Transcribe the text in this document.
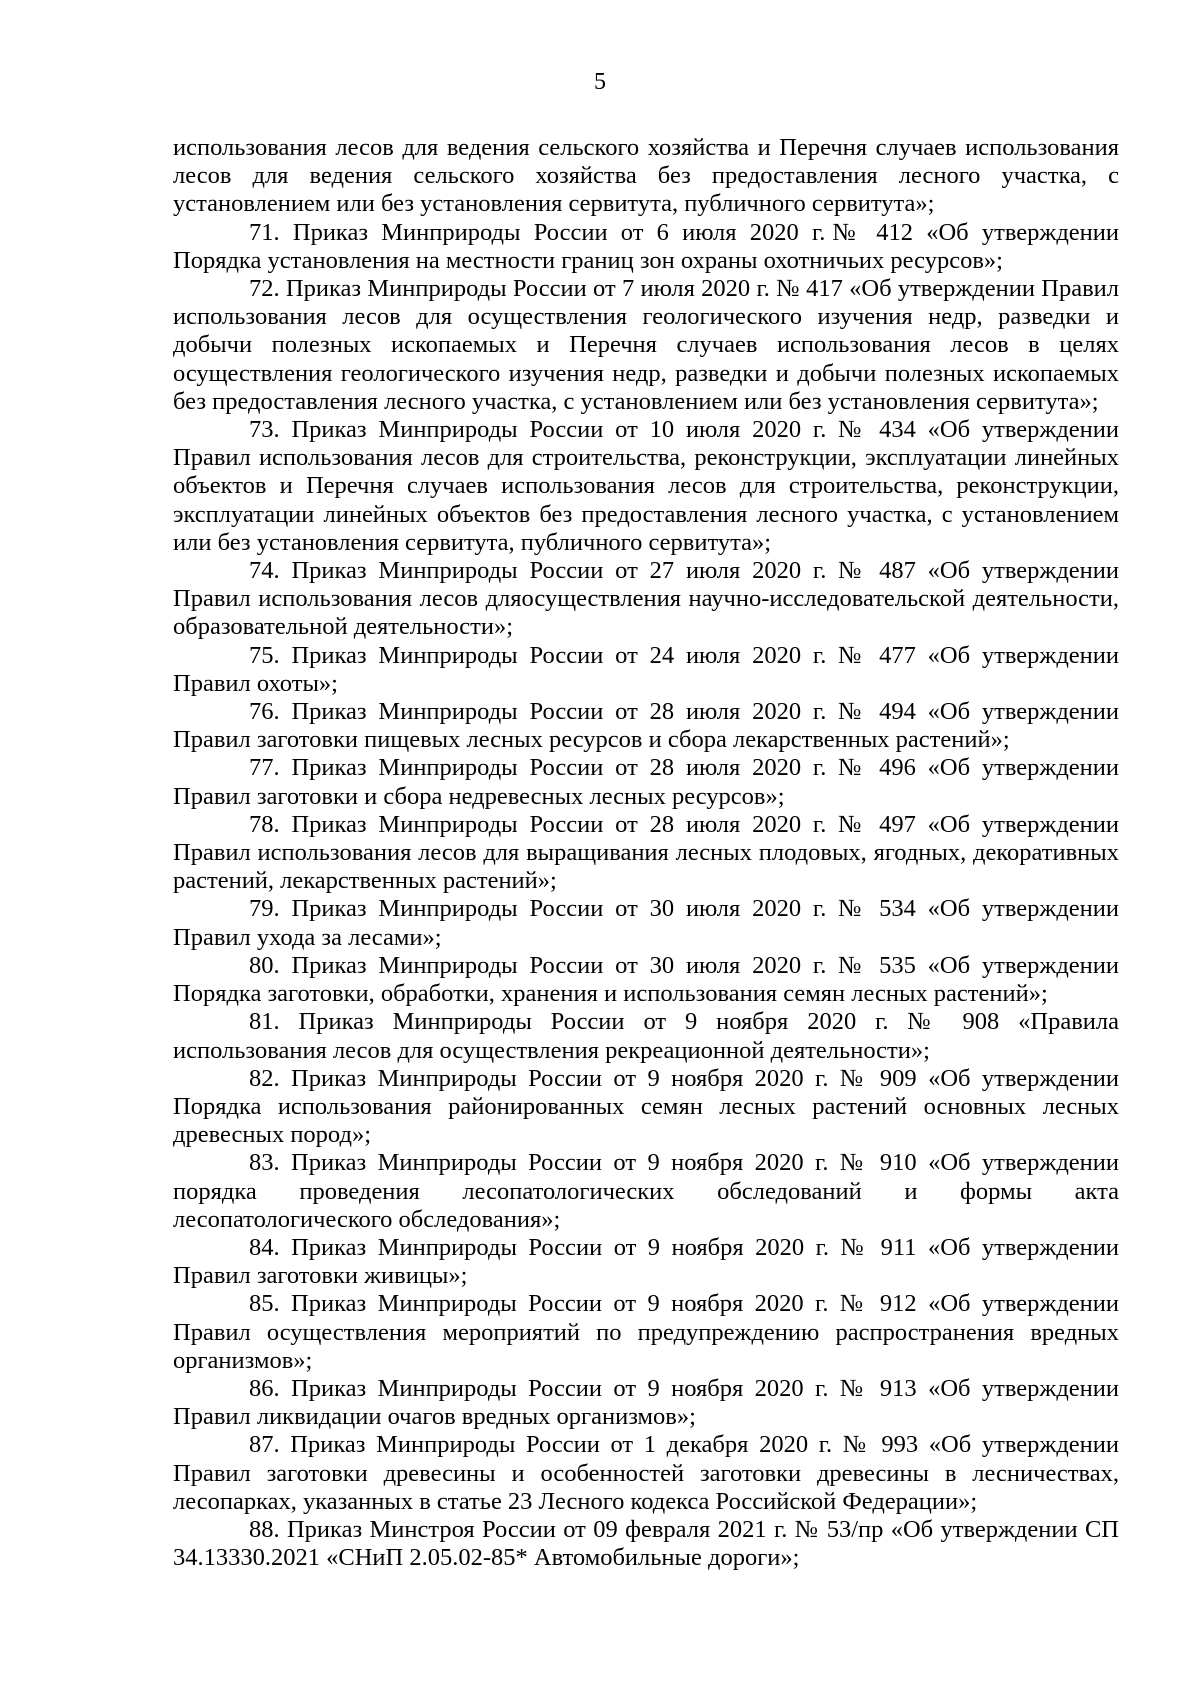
5

использования лесов для ведения сельского хозяйства и Перечня случаев использования лесов для ведения сельского хозяйства без предоставления лесного участка, с установлением или без установления сервитута, публичного сервитута»;

71. Приказ Минприроды России от 6 июля 2020 г.№ 412 «Об утверждении Порядка установления на местности границ зон охраны охотничьих ресурсов»;

72. Приказ Минприроды России от 7 июля 2020 г. № 417 «Об утверждении Правил использования лесов для осуществления геологического изучения недр, разведки и добычи полезных ископаемых и Перечня случаев использования лесов в целях осуществления геологического изучения недр, разведки и добычи полезных ископаемых без предоставления лесного участка, с установлением или без установления сервитута»;

73. Приказ Минприроды России от 10 июля 2020 г. № 434 «Об утверждении Правил использования лесов для строительства, реконструкции, эксплуатации линейных объектов и Перечня случаев использования лесов для строительства, реконструкции, эксплуатации линейных объектов без предоставления лесного участка, с установлением или без установления сервитута, публичного сервитута»;

74. Приказ Минприроды России от 27 июля 2020 г. № 487 «Об утверждении Правил использования лесов дляосуществления научно-исследовательской деятельности, образовательной деятельности»;

75. Приказ Минприроды России от 24 июля 2020 г. № 477 «Об утверждении Правил охоты»;

76. Приказ Минприроды России от 28 июля 2020 г. № 494 «Об утверждении Правил заготовки пищевых лесных ресурсов и сбора лекарственных растений»;

77. Приказ Минприроды России от 28 июля 2020 г. № 496 «Об утверждении Правил заготовки и сбора недревесных лесных ресурсов»;

78. Приказ Минприроды России от 28 июля 2020 г. № 497 «Об утверждении Правил использования лесов для выращивания лесных плодовых, ягодных, декоративных растений, лекарственных растений»;

79. Приказ Минприроды России от 30 июля 2020 г. № 534 «Об утверждении Правил ухода за лесами»;

80. Приказ Минприроды России от 30 июля 2020 г. № 535 «Об утверждении Порядка заготовки, обработки, хранения и использования семян лесных растений»;

81. Приказ Минприроды России от 9 ноября 2020 г. № 908 «Правила использования лесов для осуществления рекреационной деятельности»;

82. Приказ Минприроды России от 9 ноября 2020 г. № 909 «Об утверждении Порядка использования районированных семян лесных растений основных лесных древесных пород»;

83. Приказ Минприроды России от 9 ноября 2020 г. № 910 «Об утверждении порядка проведения лесопатологических обследований и формы акта лесопатологического обследования»;

84. Приказ Минприроды России от 9 ноября 2020 г. № 911 «Об утверждении Правил заготовки живицы»;

85. Приказ Минприроды России от 9 ноября 2020 г. № 912 «Об утверждении Правил осуществления мероприятий по предупреждению распространения вредных организмов»;

86. Приказ Минприроды России от 9 ноября 2020 г. № 913 «Об утверждении Правил ликвидации очагов вредных организмов»;

87. Приказ Минприроды России от 1 декабря 2020 г. № 993 «Об утверждении Правил заготовки древесины и особенностей заготовки древесины в лесничествах, лесопарках, указанных в статье 23 Лесного кодекса Российской Федерации»;

88. Приказ Минстроя России от 09 февраля 2021 г. № 53/пр «Об утверждении СП 34.13330.2021 «СНиП 2.05.02-85* Автомобильные дороги»;
